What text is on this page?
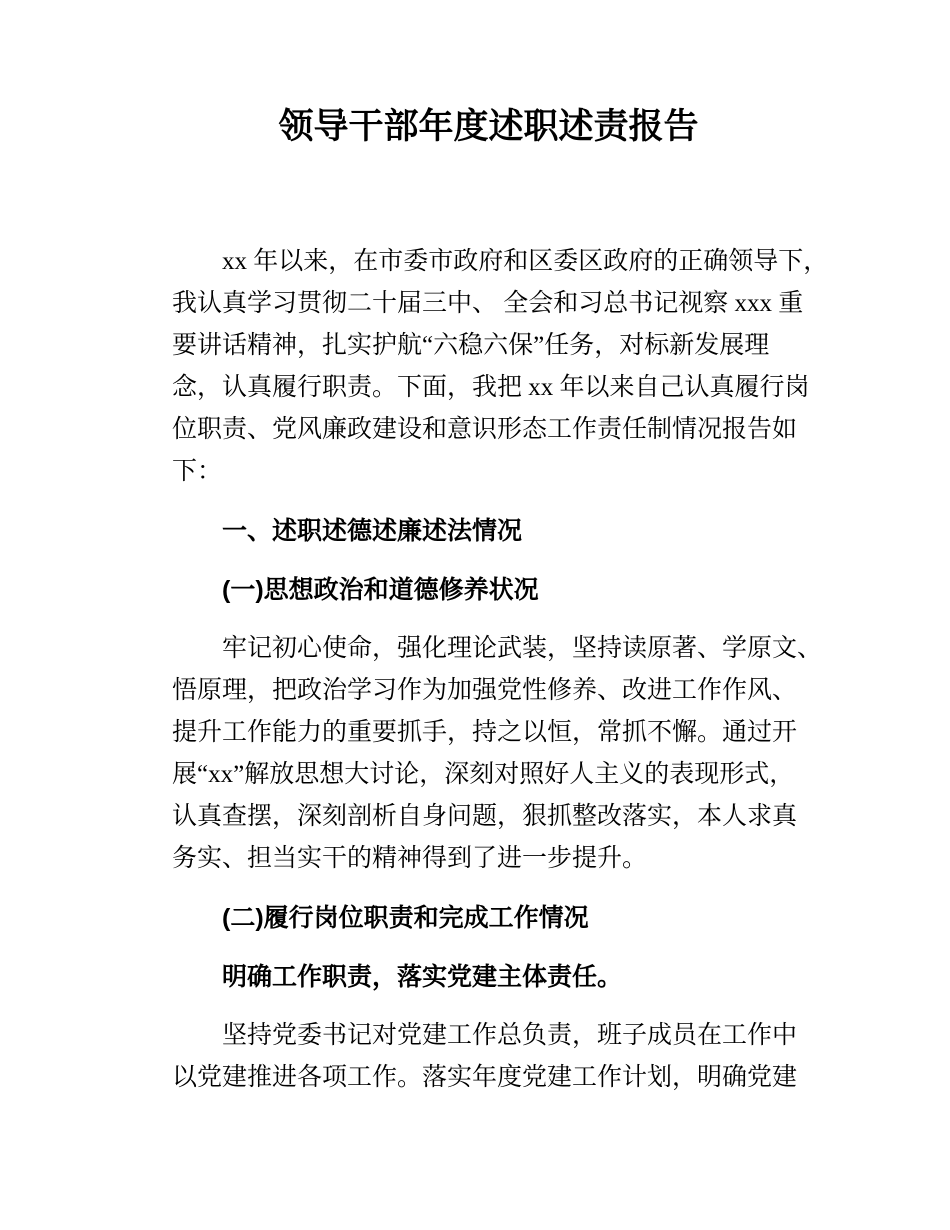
领导干部年度述职述责报告
xx 年以来，在市委市政府和区委区政府的正确领导下，
我认真学习贯彻二十届三中、 全会和习总书记视察 xxx 重
要讲话精神，扎实护航“六稳六保”任务，对标新发展理
念，认真履行职责。下面，我把 xx 年以来自己认真履行岗
位职责、党风廉政建设和意识形态工作责任制情况报告如
下：
一、述职述德述廉述法情况
(一)思想政治和道德修养状况
牢记初心使命，强化理论武装，坚持读原著、学原文、
悟原理，把政治学习作为加强党性修养、改进工作作风、
提升工作能力的重要抓手，持之以恒，常抓不懈。通过开
展“xx”解放思想大讨论，深刻对照好人主义的表现形式，
认真查摆，深刻剖析自身问题，狠抓整改落实，本人求真
务实、担当实干的精神得到了进一步提升。
(二)履行岗位职责和完成工作情况
明确工作职责，落实党建主体责任。
坚持党委书记对党建工作总负责，班子成员在工作中
以党建推进各项工作。落实年度党建工作计划，明确党建
